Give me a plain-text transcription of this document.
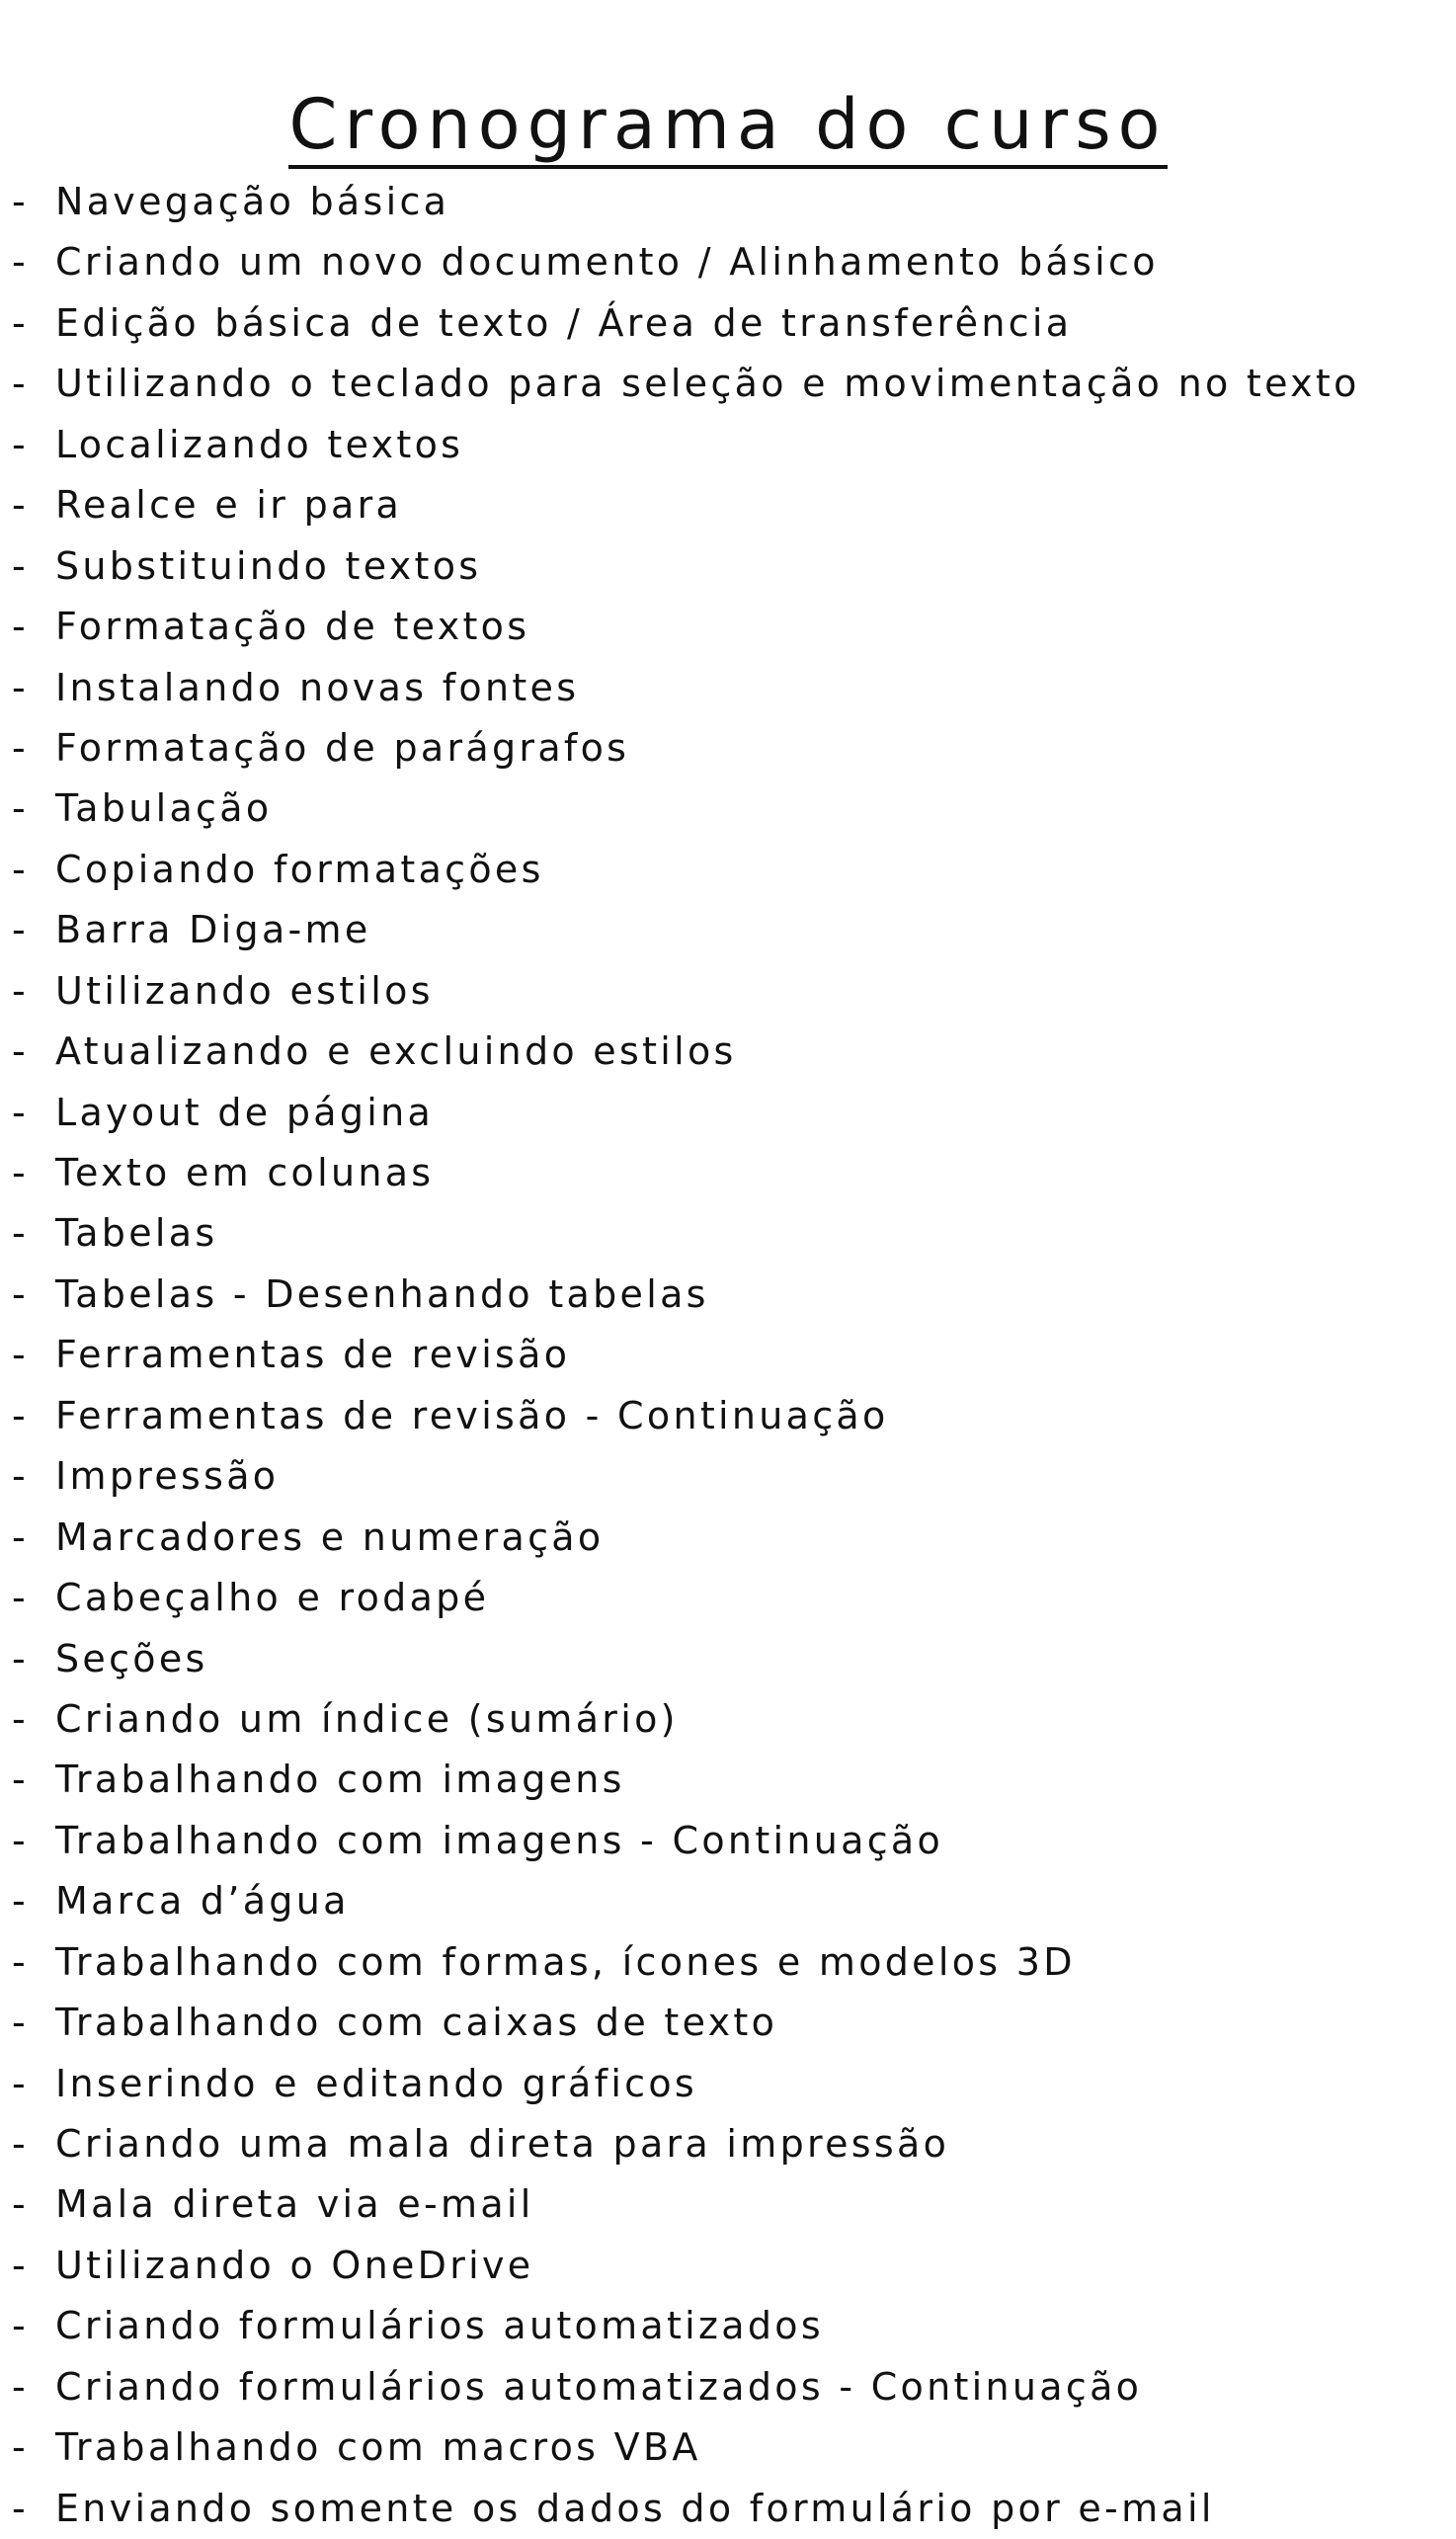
Cronograma do curso
- Navegação básica
- Criando um novo documento / Alinhamento básico
- Edição básica de texto / Área de transferência
- Utilizando o teclado para seleção e movimentação no texto
- Localizando textos
- Realce e ir para
- Substituindo textos
- Formatação de textos
- Instalando novas fontes
- Formatação de parágrafos
- Tabulação
- Copiando formatações
- Barra Diga-me
- Utilizando estilos
- Atualizando e excluindo estilos
- Layout de página
- Texto em colunas
- Tabelas
- Tabelas - Desenhando tabelas
- Ferramentas de revisão
- Ferramentas de revisão - Continuação
- Impressão
- Marcadores e numeração
- Cabeçalho e rodapé
- Seções
- Criando um índice (sumário)
- Trabalhando com imagens
- Trabalhando com imagens - Continuação
- Marca d’água
- Trabalhando com formas, ícones e modelos 3D
- Trabalhando com caixas de texto
- Inserindo e editando gráficos
- Criando uma mala direta para impressão
- Mala direta via e-mail
- Utilizando o OneDrive
- Criando formulários automatizados
- Criando formulários automatizados - Continuação
- Trabalhando com macros VBA
- Enviando somente os dados do formulário por e-mail
